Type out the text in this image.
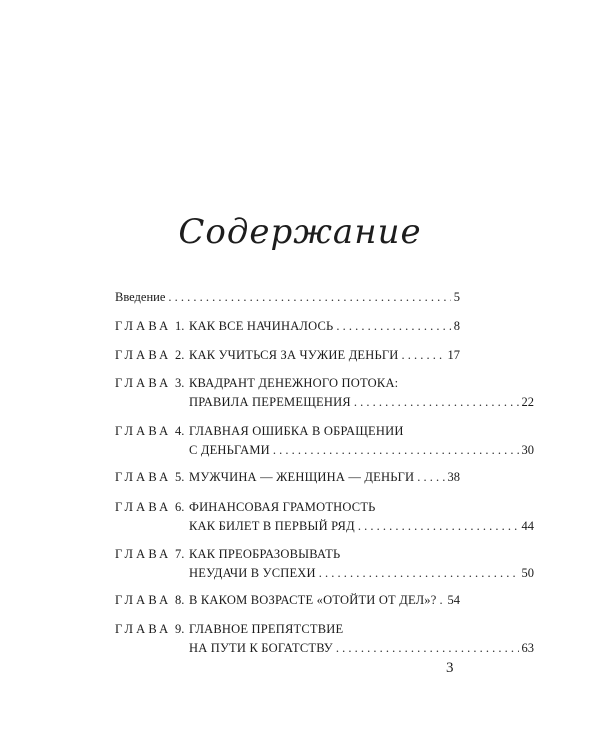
Содержание
Введение . . .	5
ГЛАВА 1. КАК ВСЕ НАЧИНАЛОСЬ . . .	8
ГЛАВА 2. КАК УЧИТЬСЯ ЗА ЧУЖИЕ ДЕНЬГИ . . .	17
ГЛАВА 3. КВАДРАНТ ДЕНЕЖНОГО ПОТОКА:
ПРАВИЛА ПЕРЕМЕЩЕНИЯ . . .	22
ГЛАВА 4. ГЛАВНАЯ ОШИБКА В ОБРАЩЕНИИ
С ДЕНЬГАМИ . . .	30
ГЛАВА 5. МУЖЧИНА — ЖЕНЩИНА — ДЕНЬГИ . . .	38
ГЛАВА 6. ФИНАНСОВАЯ ГРАМОТНОСТЬ
КАК БИЛЕТ В ПЕРВЫЙ РЯД . . .	44
ГЛАВА 7. КАК ПРЕОБРАЗОВЫВАТЬ
НЕУДАЧИ В УСПЕХИ . . .	50
ГЛАВА 8. В КАКОМ ВОЗРАСТЕ «ОТОЙТИ ОТ ДЕЛ»? . . . 54
ГЛАВА 9. ГЛАВНОЕ ПРЕПЯТСТВИЕ
НА ПУТИ К БОГАТСТВУ . . .	63
3
